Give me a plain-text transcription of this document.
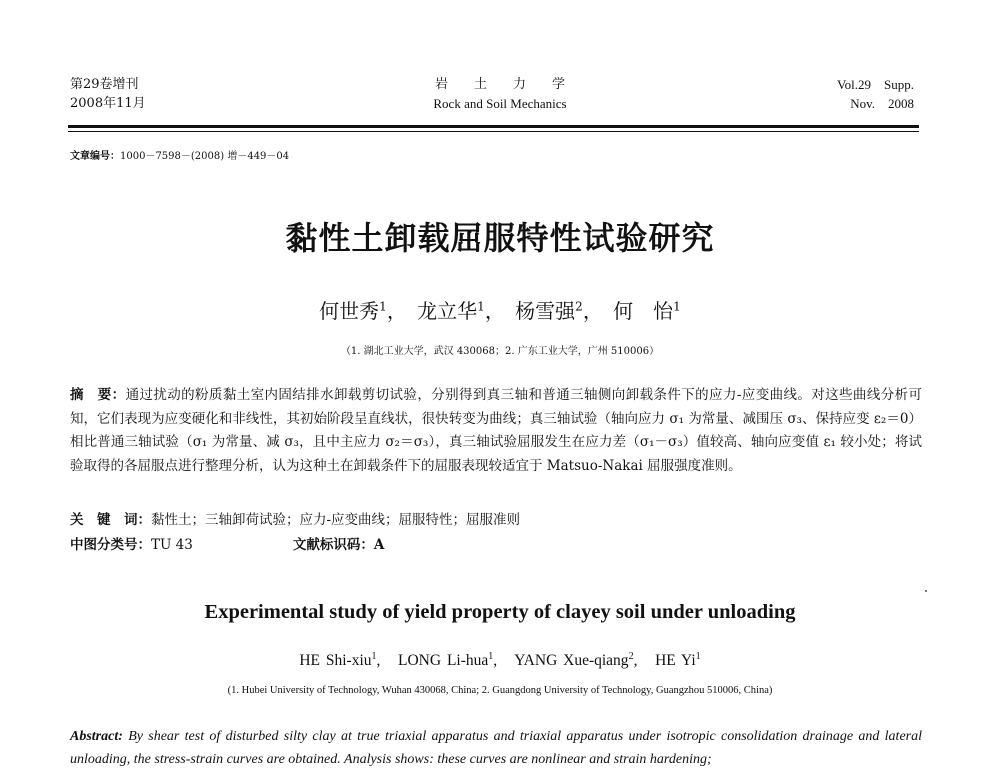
第29卷增刊
2008年11月
岩　　土　　力　　学
Rock and Soil Mechanics
Vol.29　Supp.
Nov.　2008
文章编号：1000－7598－(2008) 增－449－04
黏性土卸载屈服特性试验研究
何世秀$^1$， 龙立华$^1$， 杨雪强$^2$， 何　怡$^1$
（1. 湖北工业大学，武汉 430068；2. 广东工业大学，广州 510006）
摘　要：通过扰动的粉质黏土室内固结排水卸载剪切试验，分别得到真三轴和普通三轴侧向卸载条件下的应力-应变曲线。对这些曲线分析可知，它们表现为应变硬化和非线性，其初始阶段呈直线状，很快转变为曲线；真三轴试验（轴向应力 σ₁ 为常量、减围压 σ₃、保持应变 ε₂＝0）相比普通三轴试验（σ₁ 为常量、减 σ₃，且中主应力 σ₂＝σ₃），真三轴试验屈服发生在应力差（σ₁－σ₃）值较高、轴向应变值 ε₁ 较小处；将试验取得的各屈服点进行整理分析，认为这种土在卸载条件下的屈服表现较适宜于 Matsuo-Nakai 屈服强度准则。
关　键　词：黏性土；三轴卸荷试验；应力-应变曲线；屈服特性；屈服准则
中图分类号：TU 43	文献标识码：A
Experimental study of yield property of clayey soil under unloading
HE Shi-xiu$^1$,   LONG Li-hua$^1$,   YANG Xue-qiang$^2$,   HE Yi$^1$
(1. Hubei University of Technology, Wuhan 430068, China; 2. Guangdong University of Technology, Guangzhou 510006, China)
Abstract: By shear test of disturbed silty clay at true triaxial apparatus and triaxial apparatus under isotropic consolidation drainage and lateral unloading, the stress-strain curves are obtained. Analysis shows: these curves are nonlinear and strain hardening;
